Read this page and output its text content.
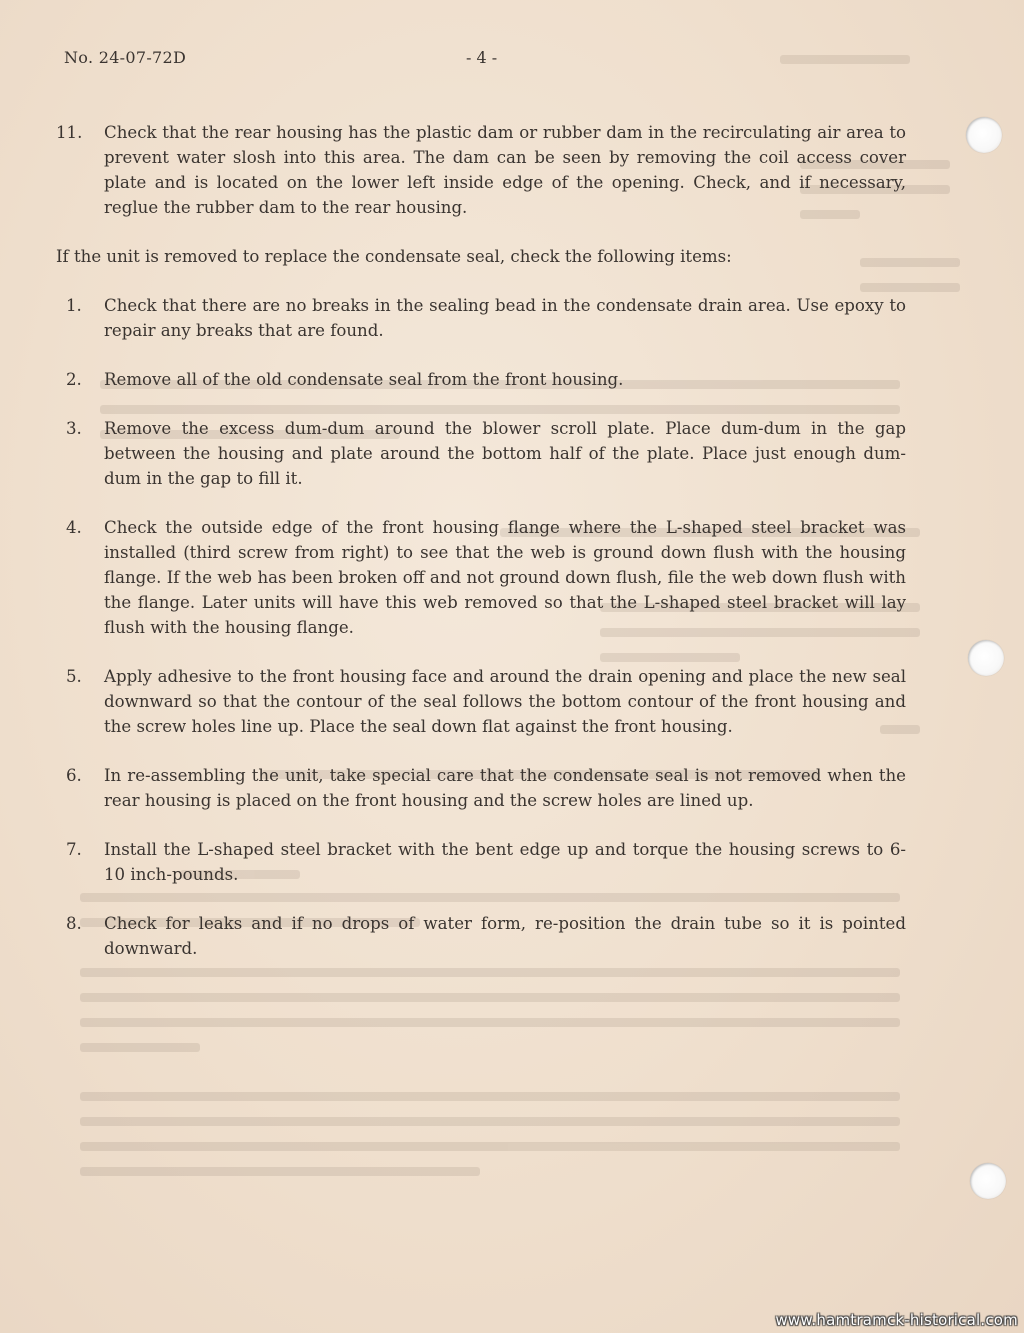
No. 24-07-72D	- 4 -
11. Check that the rear housing has the plastic dam or rubber dam in the recirculating air area to prevent water slosh into this area. The dam can be seen by removing the coil access cover plate and is located on the lower left inside edge of the opening. Check, and if necessary, reglue the rubber dam to the rear housing.

If the unit is removed to replace the condensate seal, check the following items:

1. Check that there are no breaks in the sealing bead in the condensate drain area. Use epoxy to repair any breaks that are found.
2. Remove all of the old condensate seal from the front housing.
3. Remove the excess dum-dum around the blower scroll plate. Place dum-dum in the gap between the housing and plate around the bottom half of the plate. Place just enough dum-dum in the gap to fill it.
4. Check the outside edge of the front housing flange where the L-shaped steel bracket was installed (third screw from right) to see that the web is ground down flush with the housing flange. If the web has been broken off and not ground down flush, file the web down flush with the flange. Later units will have this web removed so that the L-shaped steel bracket will lay flush with the housing flange.
5. Apply adhesive to the front housing face and around the drain opening and place the new seal downward so that the contour of the seal follows the bottom contour of the front housing and the screw holes line up. Place the seal down flat against the front housing.
6. In re-assembling the unit, take special care that the condensate seal is not removed when the rear housing is placed on the front housing and the screw holes are lined up.
7. Install the L-shaped steel bracket with the bent edge up and torque the housing screws to 6-10 inch-pounds.
8. Check for leaks and if no drops of water form, re-position the drain tube so it is pointed downward.
www.hamtramck-historical.com
